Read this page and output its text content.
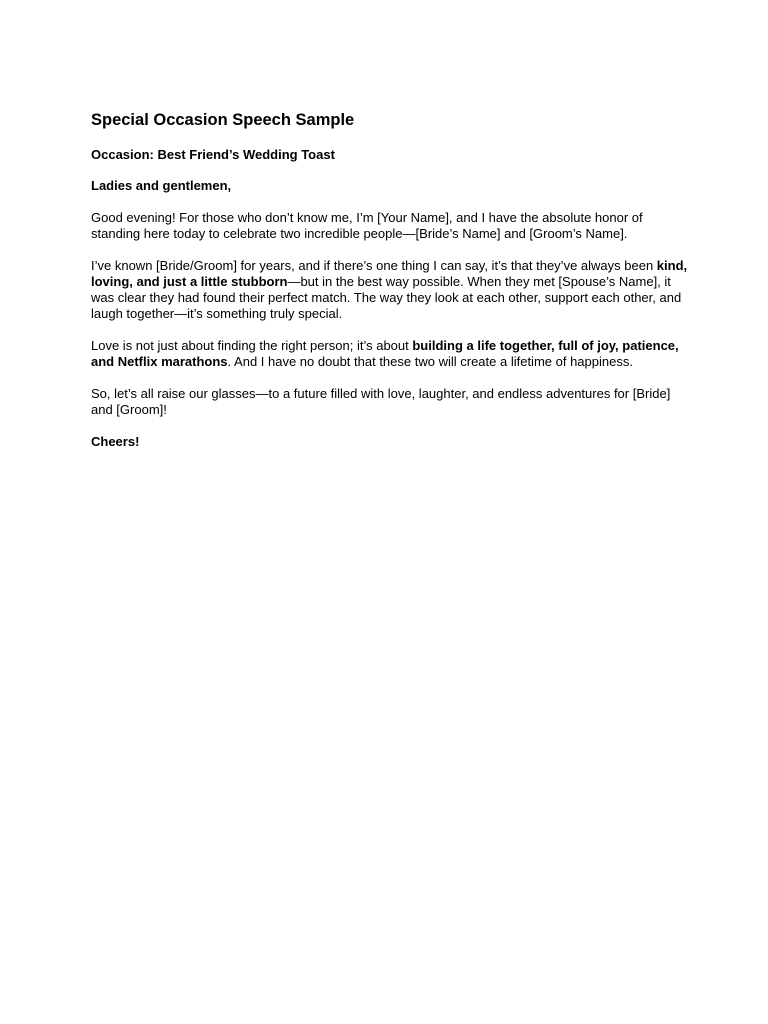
Special Occasion Speech Sample
Occasion: Best Friend’s Wedding Toast

Ladies and gentlemen,

Good evening! For those who don’t know me, I’m [Your Name], and I have the absolute honor of standing here today to celebrate two incredible people—[Bride’s Name] and [Groom’s Name].

I’ve known [Bride/Groom] for years, and if there’s one thing I can say, it’s that they’ve always been kind, loving, and just a little stubborn—but in the best way possible. When they met [Spouse’s Name], it was clear they had found their perfect match. The way they look at each other, support each other, and laugh together—it’s something truly special.

Love is not just about finding the right person; it’s about building a life together, full of joy, patience, and Netflix marathons. And I have no doubt that these two will create a lifetime of happiness.

So, let’s all raise our glasses—to a future filled with love, laughter, and endless adventures for [Bride] and [Groom]!

Cheers!
